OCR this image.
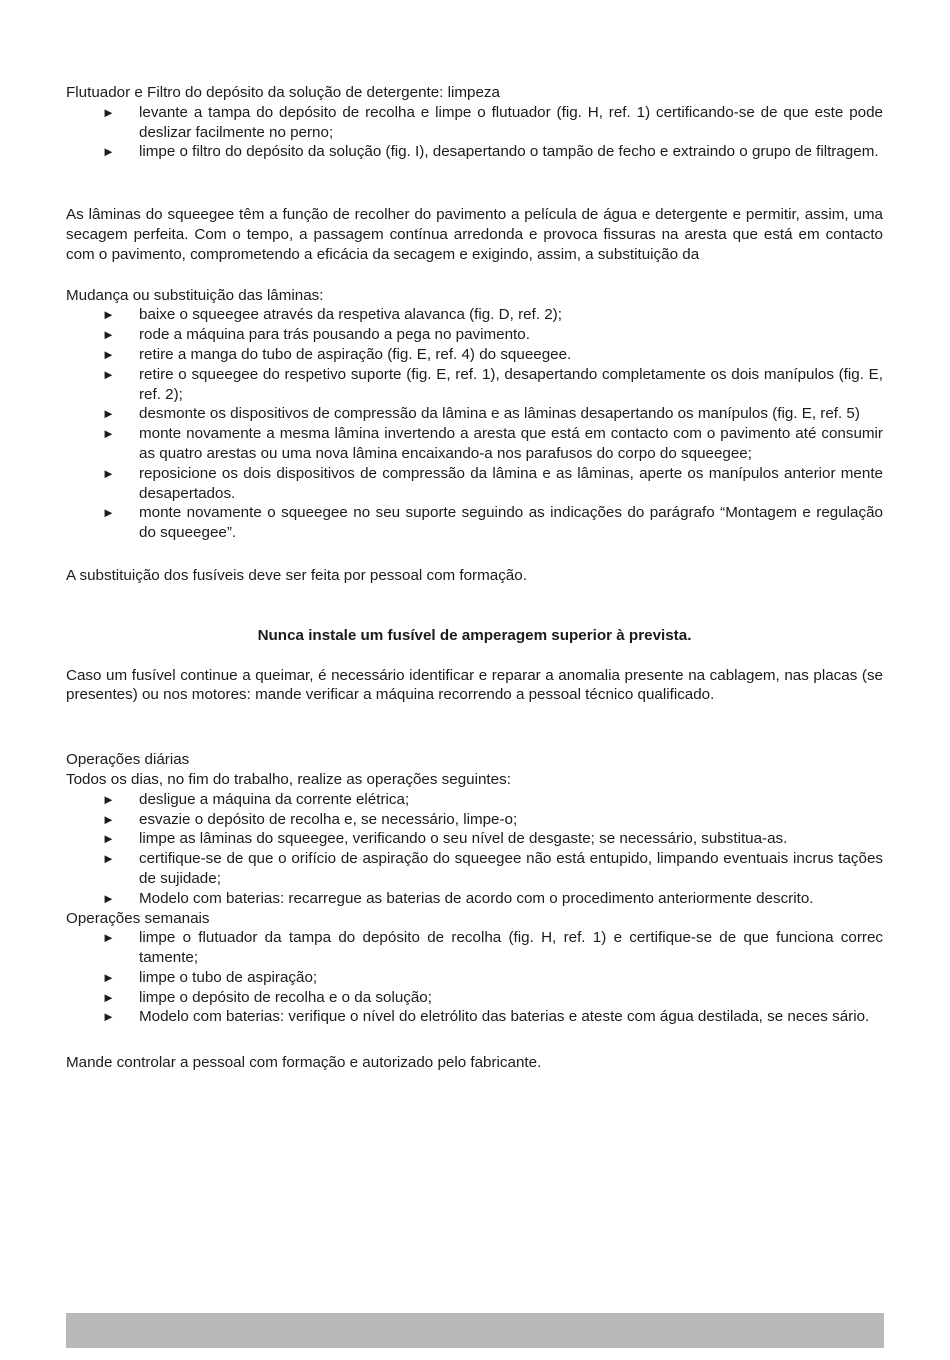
Flutuador e Filtro do depósito da solução de detergente: limpeza

► levante a tampa do depósito de recolha e limpe o flutuador (fig. H, ref. 1) certificando-se de que este pode deslizar facilmente no perno;
► limpe o filtro do depósito da solução (fig. I), desapertando o tampão de fecho e extraindo o grupo de filtragem.

As lâminas do squeegee têm a função de recolher do pavimento a película de água e detergente e permitir, assim, uma secagem perfeita. Com o tempo, a passagem contínua arredonda e provoca fissuras na aresta que está em contacto com o pavimento, comprometendo a eficácia da secagem e exigindo, assim, a substituição da

Mudança ou substituição das lâminas:

► baixe o squeegee através da respetiva alavanca (fig. D, ref. 2);
► rode a máquina para trás pousando a pega no pavimento.
► retire a manga do tubo de aspiração (fig. E, ref. 4) do squeegee.
► retire o squeegee do respetivo suporte (fig. E, ref. 1), desapertando completamente os dois manípulos (fig. E, ref. 2);
► desmonte os dispositivos de compressão da lâmina e as lâminas desapertando os manípulos (fig. E, ref. 5)
► monte novamente a mesma lâmina invertendo a aresta que está em contacto com o pavimento até consumir as quatro arestas ou uma nova lâmina encaixando-a nos parafusos do corpo do squeegee;
► reposicione os dois dispositivos de compressão da lâmina e as lâminas, aperte os manípulos anterior mente desapertados.
► monte novamente o squeegee no seu suporte seguindo as indicações do parágrafo “Montagem e regulação do squeegee”.

A substituição dos fusíveis deve ser feita por pessoal com formação.

Nunca instale um fusível de amperagem superior à prevista.

Caso um fusível continue a queimar, é necessário identificar e reparar a anomalia presente na cablagem, nas placas (se presentes) ou nos motores: mande verificar a máquina recorrendo a pessoal técnico qualificado.

Operações diárias

Todos os dias, no fim do trabalho, realize as operações seguintes:

► desligue a máquina da corrente elétrica;
► esvazie o depósito de recolha e, se necessário, limpe-o;
► limpe as lâminas do squeegee, verificando o seu nível de desgaste; se necessário, substitua-as.
► certifique-se de que o orifício de aspiração do squeegee não está entupido, limpando eventuais incrus tações de sujidade;
► Modelo com baterias: recarregue as baterias de acordo com o procedimento anteriormente descrito.

Operações semanais

► limpe o flutuador da tampa do depósito de recolha (fig. H, ref. 1) e certifique-se de que funciona correc tamente;
► limpe o tubo de aspiração;
► limpe o depósito de recolha e o da solução;
► Modelo com baterias: verifique o nível do eletrólito das baterias e ateste com água destilada, se neces sário.

Mande controlar a pessoal com formação e autorizado pelo fabricante.
